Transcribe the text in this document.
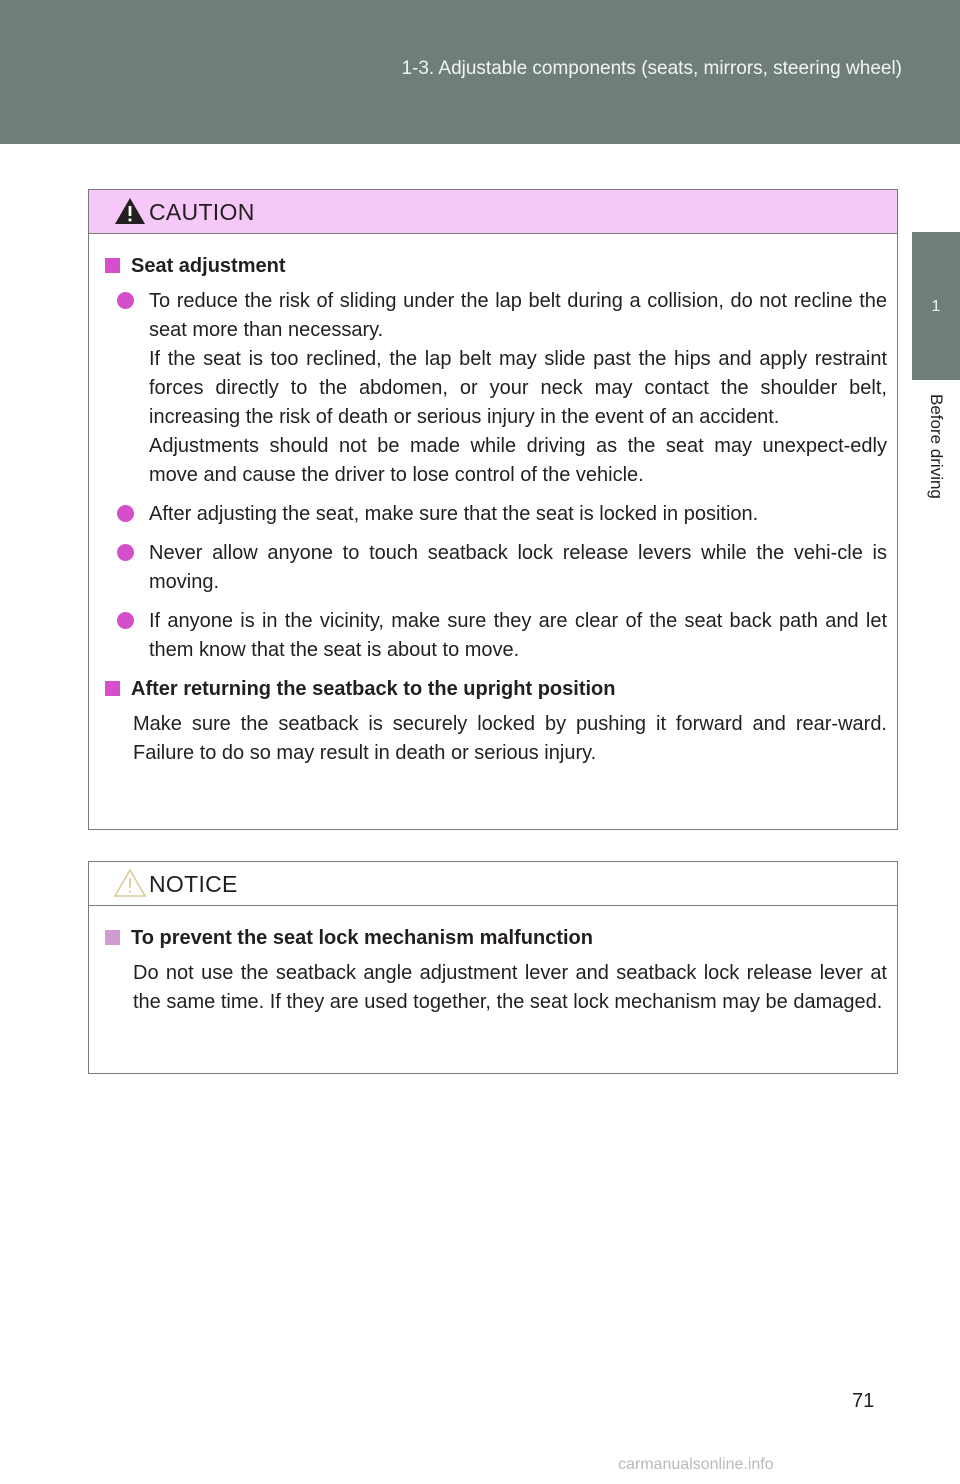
1-3. Adjustable components (seats, mirrors, steering wheel)
1
Before driving
CAUTION
Seat adjustment

To reduce the risk of sliding under the lap belt during a collision, do not recline the seat more than necessary.

If the seat is too reclined, the lap belt may slide past the hips and apply restraint forces directly to the abdomen, or your neck may contact the shoulder belt, increasing the risk of death or serious injury in the event of an accident.

Adjustments should not be made while driving as the seat may unexpect-edly move and cause the driver to lose control of the vehicle.

After adjusting the seat, make sure that the seat is locked in position.

Never allow anyone to touch seatback lock release levers while the vehi-cle is moving.

If anyone is in the vicinity, make sure they are clear of the seat back path and let them know that the seat is about to move.

After returning the seatback to the upright position

Make sure the seatback is securely locked by pushing it forward and rear-ward. Failure to do so may result in death or serious injury.

NOTICE
To prevent the seat lock mechanism malfunction

Do not use the seatback angle adjustment lever and seatback lock release lever at the same time. If they are used together, the seat lock mechanism may be damaged.

71
carmanualsonline.info
